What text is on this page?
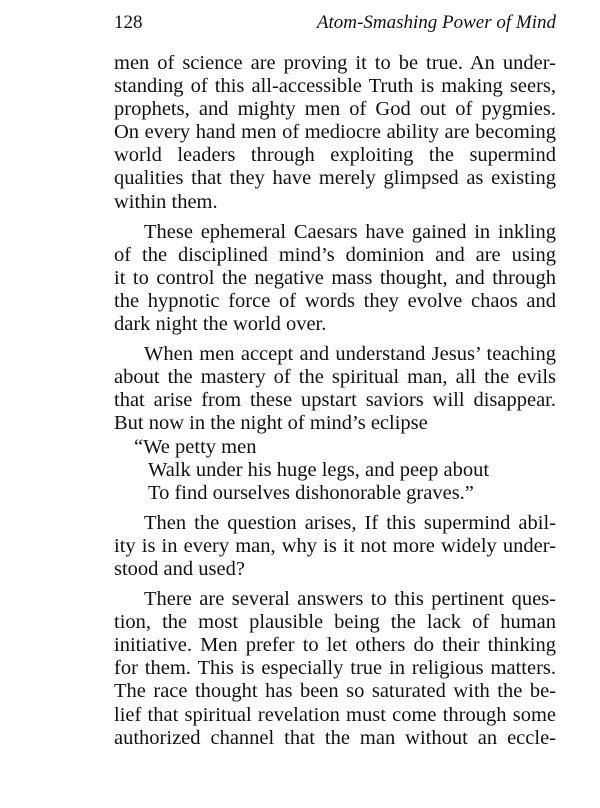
128	Atom-Smashing Power of Mind
men of science are proving it to be true. An under-
standing of this all-accessible Truth is making seers,
prophets, and mighty men of God out of pygmies.
On every hand men of mediocre ability are becoming
world leaders through exploiting the supermind
qualities that they have merely glimpsed as existing
within them.
These ephemeral Caesars have gained in inkling
of the disciplined mind’s dominion and are using
it to control the negative mass thought, and through
the hypnotic force of words they evolve chaos and
dark night the world over.
When men accept and understand Jesus’ teaching
about the mastery of the spiritual man, all the evils
that arise from these upstart saviors will disappear.
But now in the night of mind’s eclipse
“We petty men
Walk under his huge legs, and peep about
To find ourselves dishonorable graves.”
Then the question arises, If this supermind abil-
ity is in every man, why is it not more widely under-
stood and used?
There are several answers to this pertinent ques-
tion, the most plausible being the lack of human
initiative. Men prefer to let others do their thinking
for them. This is especially true in religious matters.
The race thought has been so saturated with the be-
lief that spiritual revelation must come through some
authorized channel that the man without an eccle-
